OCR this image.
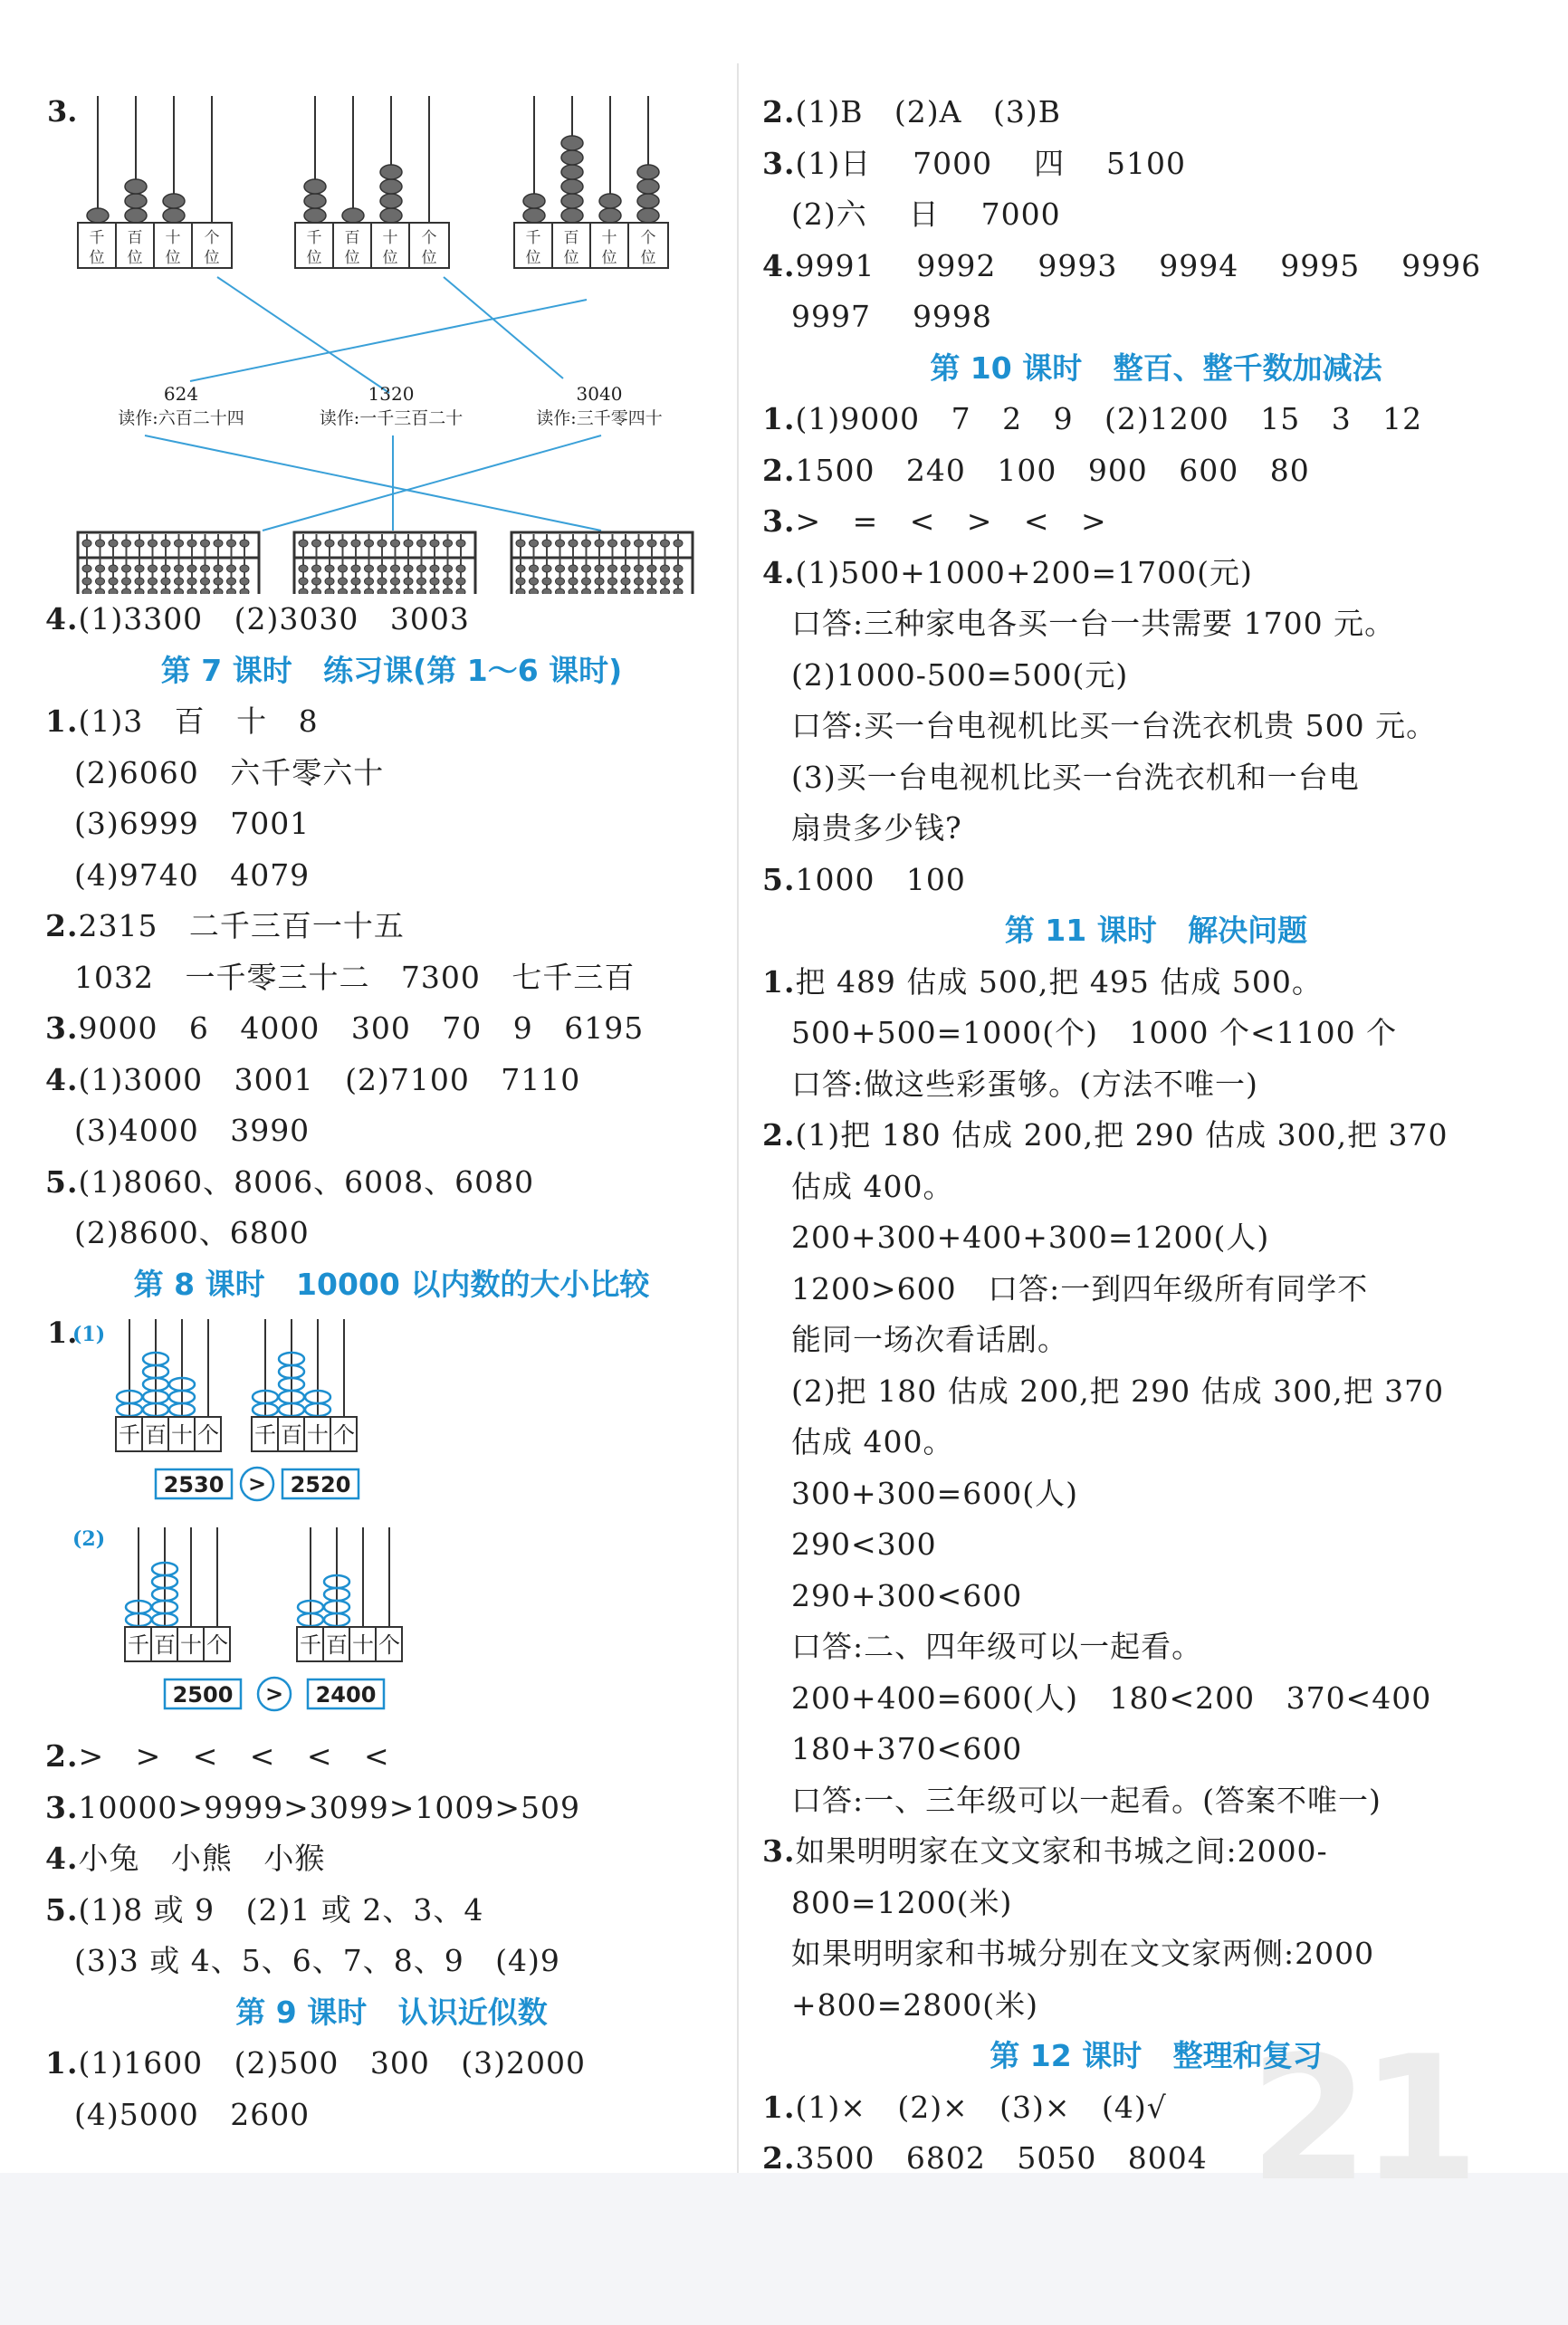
21
3.
千
位
百
位
十
位
个
位
千
位
百
位
十
位
个
位
千
位
百
位
十
位
个
位
624
读作:六百二十四
1320
读作:一千三百二十
3040
读作:三千零四十
4.(1)3300   (2)3030   3003
第 7 课时   练习课(第 1～6 课时)
1.(1)3   百   十   8
(2)6060   六千零六十
(3)6999   7001
(4)9740   4079
2.2315   二千三百一十五
1032   一千零三十二   7300   七千三百
3.9000   6   4000   300   70   9   6195
4.(1)3000   3001   (2)7100   7110
(3)4000   3990
5.(1)8060、8006、6008、6080
(2)8600、6800
第 8 课时   10000 以内数的大小比较
1.
(1)
千 百 十 个 千 百 十 个
2530 > 2520
(2)
千 百 十 个	千 百 十 个
2500 > 2400
2.>   >   <   <   <   <
3.10000>9999>3099>1009>509
4.小兔   小熊   小猴
5.(1)8 或 9   (2)1 或 2、3、4
(3)3 或 4、5、6、7、8、9   (4)9
第 9 课时   认识近似数
1.(1)1600   (2)500   300   (3)2000
(4)5000   2600
2.(1)B   (2)A   (3)B
3.(1)日    7000    四    5100
(2)六    日    7000
4.9991    9992    9993    9994    9995    9996
9997    9998
第 10 课时   整百、整千数加减法
1.(1)9000   7   2   9   (2)1200   15   3   12
2.1500   240   100   900   600   80
3.>   =   <   >   <   >
4.(1)500+1000+200=1700(元)
口答:三种家电各买一台一共需要 1700 元。
(2)1000-500=500(元)
口答:买一台电视机比买一台洗衣机贵 500 元。
(3)买一台电视机比买一台洗衣机和一台电
扇贵多少钱?
5.1000   100
第 11 课时   解决问题
1.把 489 估成 500,把 495 估成 500。
500+500=1000(个)   1000 个<1100 个
口答:做这些彩蛋够。(方法不唯一)
2.(1)把 180 估成 200,把 290 估成 300,把 370
估成 400。
200+300+400+300=1200(人)
1200>600   口答:一到四年级所有同学不
能同一场次看话剧。
(2)把 180 估成 200,把 290 估成 300,把 370
估成 400。
300+300=600(人)
290<300
290+300<600
口答:二、四年级可以一起看。
200+400=600(人)   180<200   370<400
180+370<600
口答:一、三年级可以一起看。(答案不唯一)
3.如果明明家在文文家和书城之间:2000-
800=1200(米)
如果明明家和书城分别在文文家两侧:2000
+800=2800(米)
第 12 课时   整理和复习
1.(1)×   (2)×   (3)×   (4)√
2.3500   6802   5050   8004
